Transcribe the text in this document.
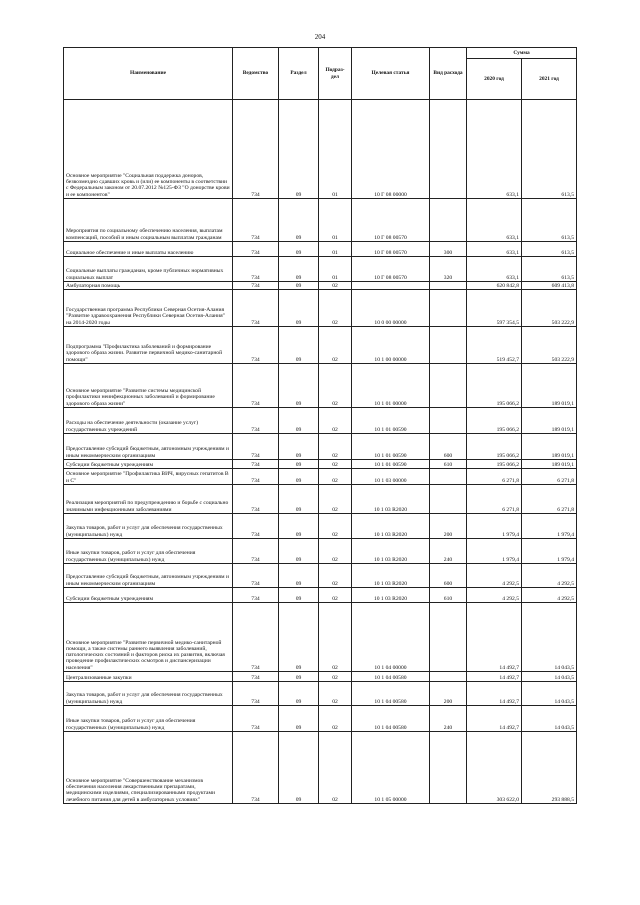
204
Наименование	Ведомство	Раздел	Подраз-
дел	Целевая статья	Вид расхода	Сумма	
						2020 год	2021 год
Основное мероприятие "Социальная поддержка доноров, безвозмездно сдавших кровь и (или) ее компоненты в соответствии с Федеральным законом от 20.07.2012 №125-ФЗ "О донорстве крови и ее компонентов"	734	09	01	10 Г 08 00000		633,1	613,5
Мероприятия по социальному обеспечению населения, выплатам компенсаций, пособий и иным социальным выплатам гражданам	734	09	01	10 Г 08 00570		633,1	613,5
Социальное обеспечение и иные выплаты населению	734	09	01	10 Г 08 00570	300	633,1	613,5
Социальные выплаты гражданам, кроме публичных нормативных социальных выплат	734	09	01	10 Г 08 00570	320	633,1	613,5
Амбулаторная помощь	734	09	02			620 842,8	609 413,8
Государственная программа Республики Северная Осетия-Алания "Развитие здравоохранения Республики Северная Осетия-Алания" на 2014-2020 годы	734	09	02	10 0 00 00000		597 354,5	503 222,9
Подпрограмма "Профилактика заболеваний и формирование здорового образа жизни. Развитие первичной медико-санитарной помощи"	734	09	02	10 1 00 00000		519 452,7	503 222,9
Основное мероприятие "Развитие системы медицинской профилактики неинфекционных заболеваний и формирование здорового образа жизни"	734	09	02	10 1 01 00000		195 066,2	189 019,1
Расходы на обеспечение деятельности (оказание услуг) государственных учреждений	734	09	02	10 1 01 00590		195 066,2	189 019,1
Предоставление субсидий бюджетным, автономным учреждениям и иным некоммерческим организациям	734	09	02	10 1 01 00590	600	195 066,2	189 019,1
Субсидии бюджетным учреждениям	734	09	02	10 1 01 00590	610	195 066,2	189 019,1
Основное мероприятие "Профилактика ВИЧ, вирусных гепатитов В и С"	734	09	02	10 1 03 00000		6 271,8	6 271,8
Реализация мероприятий по предупреждению и борьбе с социально значимыми инфекционными заболеваниями	734	09	02	10 1 03 R2020		6 271,8	6 271,8
Закупка товаров, работ и услуг для обеспечения государственных (муниципальных) нужд	734	09	02	10 1 03 R2020	200	1 979,4	1 979,4
Иные закупки товаров, работ и услуг для обеспечения государственных (муниципальных) нужд	734	09	02	10 1 03 R2020	240	1 979,4	1 979,4
Предоставление субсидий бюджетным, автономным учреждениям и иным некоммерческим организациям	734	09	02	10 1 03 R2020	600	4 292,5	4 292,5
Субсидии бюджетным учреждениям	734	09	02	10 1 03 R2020	610	4 292,5	4 292,5
Основное мероприятие "Развитие первичной медико-санитарной помощи, а также системы раннего выявления заболеваний, патологических состояний и факторов риска их развития, включая проведение профилактических осмотров и диспансеризации населения"	734	09	02	10 1 04 00000		14 492,7	14 043,5
Централизованные закупки	734	09	02	10 1 04 00580		14 492,7	14 043,5
Закупка товаров, работ и услуг для обеспечения государственных (муниципальных) нужд	734	09	02	10 1 04 00580	200	14 492,7	14 043,5
Иные закупки товаров, работ и услуг для обеспечения государственных (муниципальных) нужд	734	09	02	10 1 04 00580	240	14 492,7	14 043,5
Основное мероприятие "Совершенствование механизмов обеспечения населения лекарственными препаратами, медицинскими изделиями, специализированными продуктами лечебного питания для детей в амбулаторных условиях"	734	09	02	10 1 05 00000		303 622,0	293 888,5
